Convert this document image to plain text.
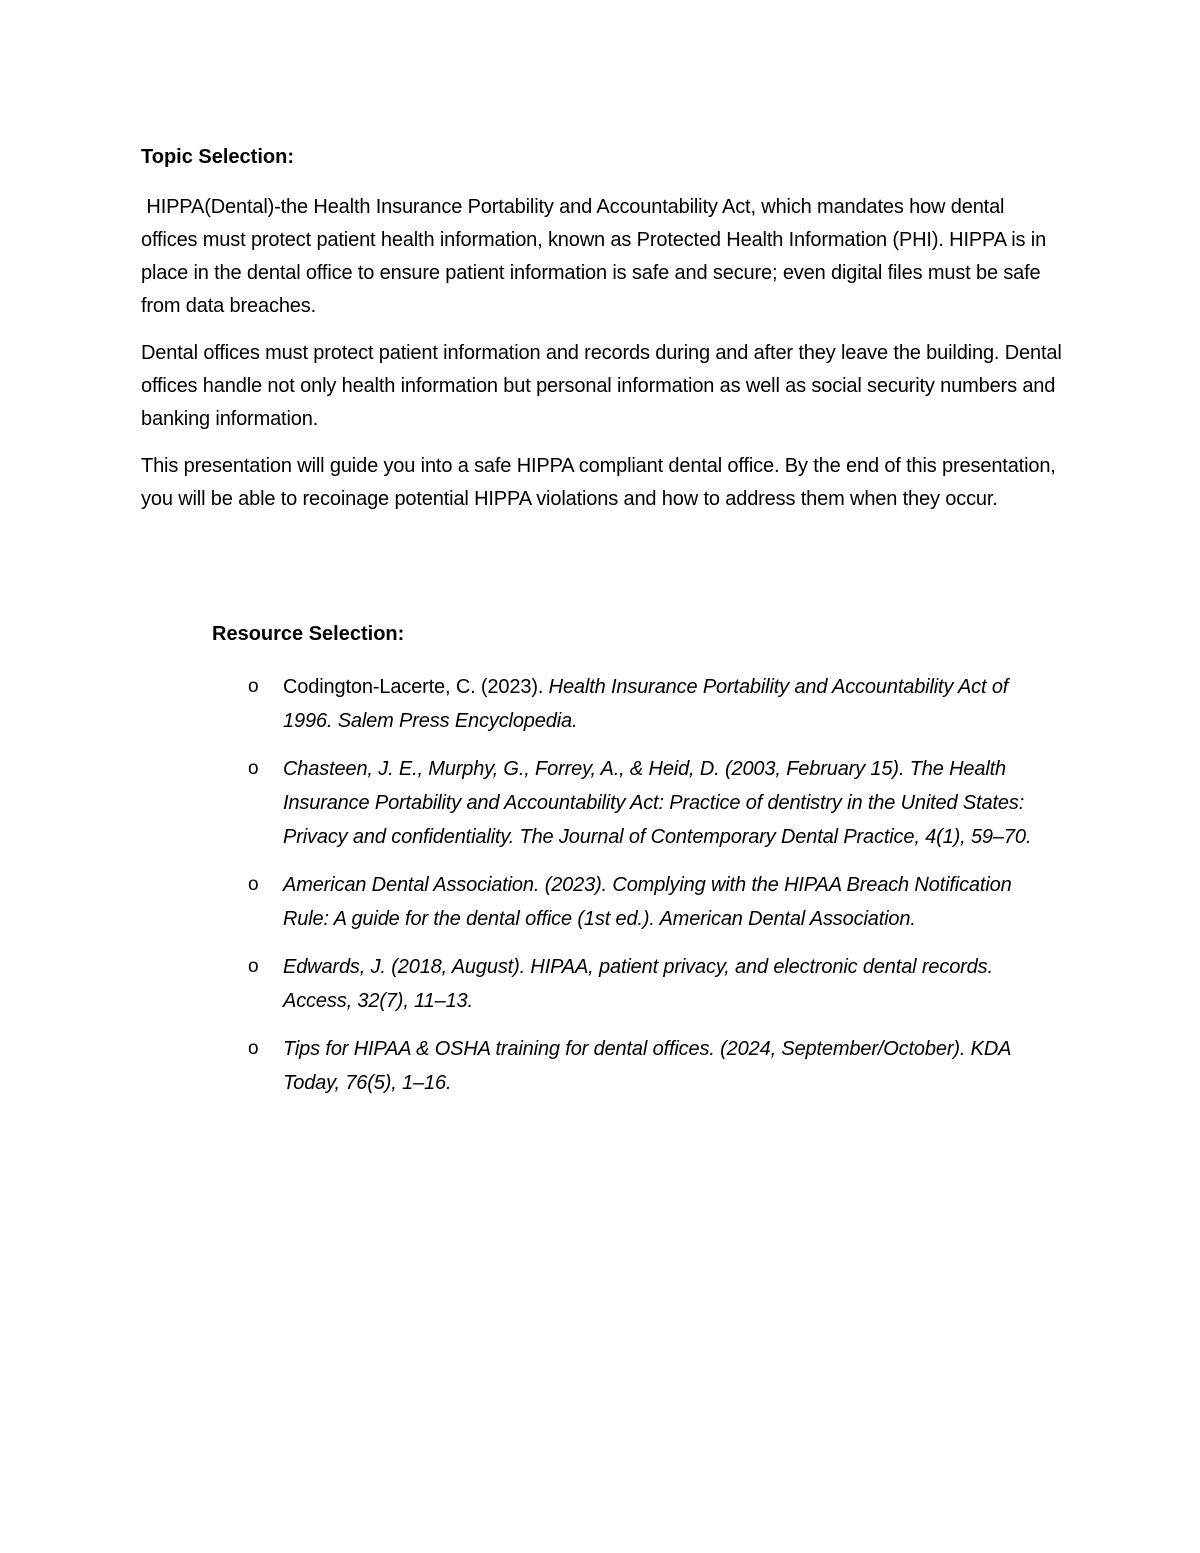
Topic Selection:

HIPPA(Dental)-the Health Insurance Portability and Accountability Act, which mandates how dental offices must protect patient health information, known as Protected Health Information (PHI). HIPPA is in place in the dental office to ensure patient information is safe and secure; even digital files must be safe from data breaches.

Dental offices must protect patient information and records during and after they leave the building. Dental offices handle not only health information but personal information as well as social security numbers and banking information.

This presentation will guide you into a safe HIPPA compliant dental office. By the end of this presentation, you will be able to recoinage potential HIPPA violations and how to address them when they occur.

Resource Selection:
o Codington-Lacerte, C. (2023). Health Insurance Portability and Accountability Act of 1996. Salem Press Encyclopedia.
o Chasteen, J. E., Murphy, G., Forrey, A., & Heid, D. (2003, February 15). The Health Insurance Portability and Accountability Act: Practice of dentistry in the United States: Privacy and confidentiality. The Journal of Contemporary Dental Practice, 4(1), 59–70.
o American Dental Association. (2023). Complying with the HIPAA Breach Notification Rule: A guide for the dental office (1st ed.). American Dental Association.
o Edwards, J. (2018, August). HIPAA, patient privacy, and electronic dental records. Access, 32(7), 11–13.
o Tips for HIPAA & OSHA training for dental offices. (2024, September/October). KDA Today, 76(5), 1–16.
